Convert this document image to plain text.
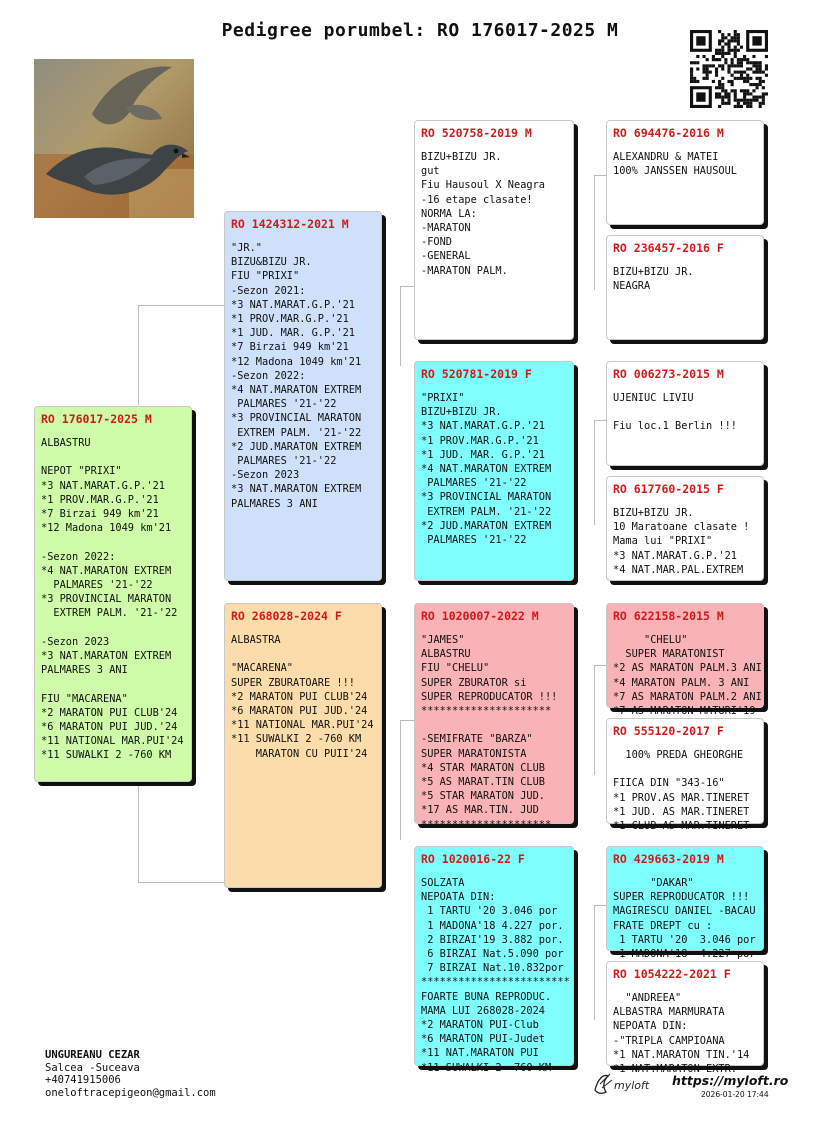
Pedigree porumbel: RO 176017-2025 M
RO 176017-2025 M
ALBASTRU

NEPOT "PRIXI"
*3 NAT.MARAT.G.P.'21
*1 PROV.MAR.G.P.'21
*7 Birzai 949 km'21
*12 Madona 1049 km'21

-Sezon 2022:
*4 NAT.MARATON EXTREM
PALMARES '21-'22
*3 PROVINCIAL MARATON
EXTREM PALM. '21-'22

-Sezon 2023
*3 NAT.MARATON EXTREM
PALMARES 3 ANI

FIU "MACARENA"
*2 MARATON PUI CLUB'24
*6 MARATON PUI JUD.'24
*11 NATIONAL MAR.PUI'24
*11 SUWALKI 2 -760 KM
RO 1424312-2021 M
"JR."
BIZU&BIZU JR.
FIU "PRIXI"
-Sezon 2021:
*3 NAT.MARAT.G.P.'21
*1 PROV.MAR.G.P.'21
*1 JUD. MAR. G.P.'21
*7 Birzai 949 km'21
*12 Madona 1049 km'21
-Sezon 2022:
*4 NAT.MARATON EXTREM
PALMARES '21-'22
*3 PROVINCIAL MARATON
EXTREM PALM. '21-'22
*2 JUD.MARATON EXTREM
PALMARES '21-'22
-Sezon 2023
*3 NAT.MARATON EXTREM
PALMARES 3 ANI
RO 268028-2024 F
ALBASTRA

"MACARENA"
SUPER ZBURATOARE !!!
*2 MARATON PUI CLUB'24
*6 MARATON PUI JUD.'24
*11 NATIONAL MAR.PUI'24
*11 SUWALKI 2 -760 KM
MARATON CU PUII'24
RO 520758-2019 M
BIZU+BIZU JR.
gut
Fiu Hausoul X Neagra
-16 etape clasate!
NORMA LA:
-MARATON
-FOND
-GENERAL
-MARATON PALM.
RO 520781-2019 F
"PRIXI"
BIZU+BIZU JR.
*3 NAT.MARAT.G.P.'21
*1 PROV.MAR.G.P.'21
*1 JUD. MAR. G.P.'21
*4 NAT.MARATON EXTREM
PALMARES '21-'22
*3 PROVINCIAL MARATON
EXTREM PALM. '21-'22
*2 JUD.MARATON EXTREM
PALMARES '21-'22
RO 1020007-2022 M
"JAMES"
ALBASTRU
FIU "CHELU"
SUPER ZBURATOR si
SUPER REPRODUCATOR !!!
*********************

-SEMIFRATE "BARZA"
SUPER MARATONISTA
*4 STAR MARATON CLUB
*5 AS MARAT.TIN CLUB
*5 STAR MARATON JUD.
*17 AS MAR.TIN. JUD
*********************
RO 1020016-22 F
SOLZATA
NEPOATA DIN:
1 TARTU '20 3.046 por
1 MADONA'18 4.227 por.
2 BIRZAI'19 3.882 por.
6 BIRZAI Nat.5.090 por
7 BIRZAI Nat.10.832por
************************
FOARTE BUNA REPRODUC.
MAMA LUI 268028-2024
*2 MARATON PUI-Club
*6 MARATON PUI-Judet
*11 NAT.MARATON PUI
*11 SUWALKI 2 -760 KM
RO 694476-2016 M
ALEXANDRU & MATEI
100% JANSSEN HAUSOUL
RO 236457-2016 F
BIZU+BIZU JR.
NEAGRA
RO 006273-2015 M
UJENIUC LIVIU

Fiu loc.1 Berlin !!!
RO 617760-2015 F
BIZU+BIZU JR.
10 Maratoane clasate !
Mama lui "PRIXI"
*3 NAT.MARAT.G.P.'21
*4 NAT.MAR.PAL.EXTREM
RO 622158-2015 M
"CHELU"
SUPER MARATONIST
*2 AS MARATON PALM.3 ANI
*4 MARATON PALM. 3 ANI
*7 AS MARATON PALM.2 ANI
*7 AS MARATON MATURI'19
RO 555120-2017 F
100% PREDA GHEORGHE

FIICA DIN "343-16"
*1 PROV.AS MAR.TINERET
*1 JUD. AS MAR.TINERET
*1 CLUB AS MAR.TINERET
RO 429663-2019 M
"DAKAR"
SUPER REPRODUCATOR !!!
MAGIRESCU DANIEL -BACAU
FRATE DREPT cu :
1 TARTU '20  3.046 por
1 MADONA'18  4.227 por
RO 1054222-2021 F
"ANDREEA"
ALBASTRA MARMURATA
NEPOATA DIN:
-"TRIPLA CAMPIOANA
*1 NAT.MARATON TIN.'14
*1 NAT.MARATON EXTR.
UNGUREANU CEZAR
Salcea -Suceava
+40741915006
oneloftracepigeon@gmail.com
myloft https://myloft.ro
2026-01-20 17:44
